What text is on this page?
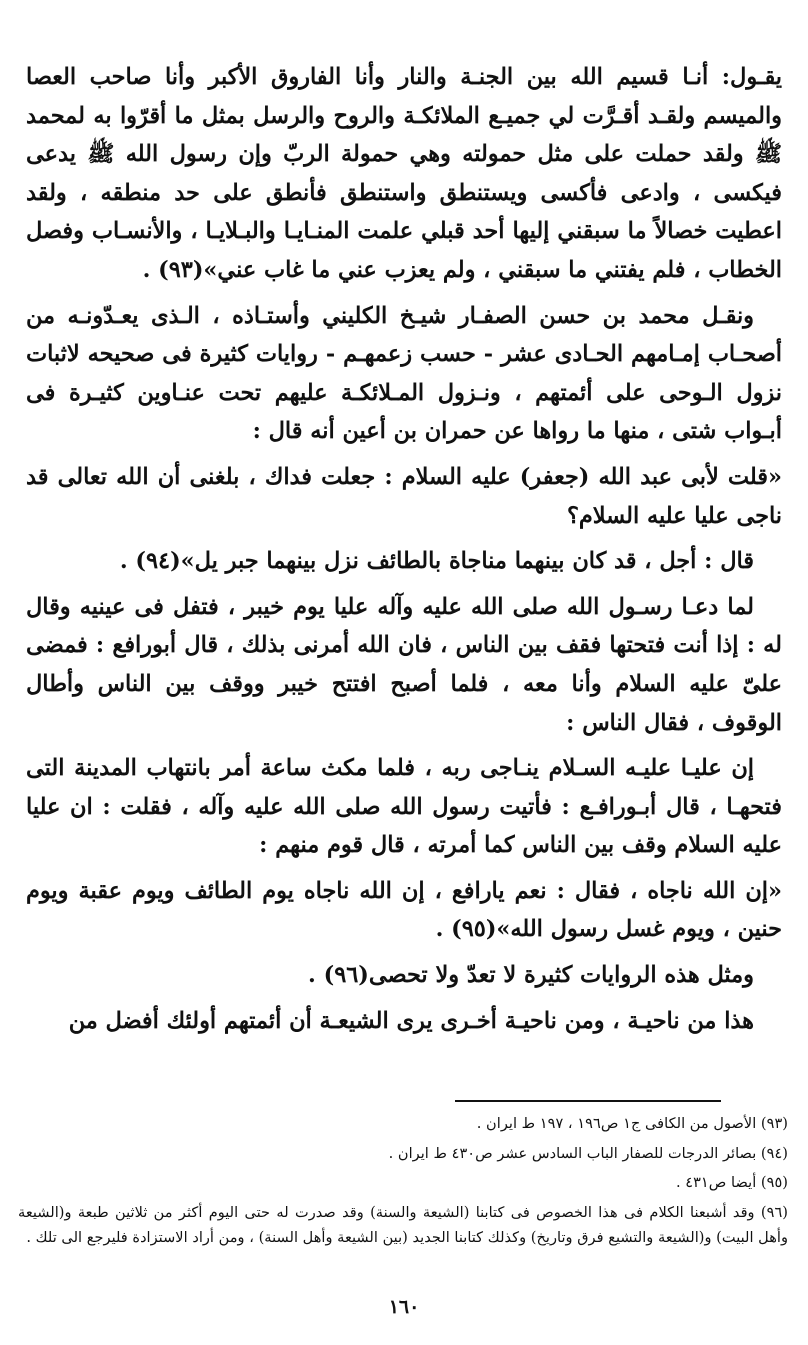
يقـول: أنـا قسيم الله بين الجنـة والنار وأنا الفاروق الأكبر وأنا صاحب العصا والميسم ولقـد أقـرَّت لي جميـع الملائكـة والروح والرسل بمثل ما أقرّوا به لمحمد ﷺ ولقد حملت على مثل حمولته وهي حمولة الربّ وإن رسول الله ﷺ يدعى فيكسى ، وادعى فأكسى ويستنطق واستنطق فأنطق على حد منطقه ، ولقد اعطيت خصالاً ما سبقني إليها أحد قبلي علمت المنـايـا والبـلايـا ، والأنسـاب وفصل الخطاب ، فلم يفتني ما سبقني ، ولم يعزب عني ما غاب عني»(٩٣) .

ونقـل محمد بن حسن الصفـار شيـخ الكليني وأستـاذه ، الـذى يعـدّونـه من أصحـاب إمـامهم الحـادى عشر - حسب زعمهـم - روايات كثيرة فى صحيحه لاثبات نزول الـوحى على أئمتهم ، ونـزول المـلائكـة عليهم تحت عنـاوين كثيـرة فى أبـواب شتى ، منها ما رواها عن حمران بن أعين أنه قال :

«قلت لأبى عبد الله (جعفر) عليه السلام : جعلت فداك ، بلغنى أن الله تعالى قد ناجى عليا عليه السلام؟

قال : أجل ، قد كان بينهما مناجاة بالطائف نزل بينهما جبر يل»(٩٤) .

لما دعـا رسـول الله صلى الله عليه وآله عليا يوم خيبر ، فتفل فى عينيه وقال له : إذا أنت فتحتها فقف بين الناس ، فان الله أمرنى بذلك ، قال أبورافع : فمضى علىّ عليه السلام وأنا معه ، فلما أصبح افتتح خيبر ووقف بين الناس وأطال الوقوف ، فقال الناس :

إن عليـا عليـه السـلام ينـاجى ربه ، فلما مكث ساعة أمر بانتهاب المدينة التى فتحهـا ، قال أبـورافـع : فأتيت رسول الله صلى الله عليه وآله ، فقلت : ان عليا عليه السلام وقف بين الناس كما أمرته ، قال قوم منهم :

«إن الله ناجاه ، فقال : نعم يارافع ، إن الله ناجاه يوم الطائف ويوم عقبة ويوم حنين ، ويوم غسل رسول الله»(٩٥) .

ومثل هذه الروايات كثيرة لا تعدّ ولا تحصى(٩٦) .

هذا من ناحيـة ، ومن ناحيـة أخـرى يرى الشيعـة أن أئمتهم أولئك أفضل من

(٩٣) الأصول من الكافى ج١ ص١٩٦ ، ١٩٧ ط ايران .

(٩٤) بصائر الدرجات للصفار الباب السادس عشر ص٤٣٠ ط ايران .

(٩٥) أيضا ص٤٣١ .

(٩٦) وقد أشبعنا الكلام فى هذا الخصوص فى كتابنا (الشيعة والسنة) وقد صدرت له حتى اليوم أكثر من ثلاثين طبعة و(الشيعة وأهل البيت) و(الشيعة والتشيع فرق وتاريخ) وكذلك كتابنا الجديد (بين الشيعة وأهل السنة) ، ومن أراد الاستزادة فليرجع الى تلك .

١٦٠
